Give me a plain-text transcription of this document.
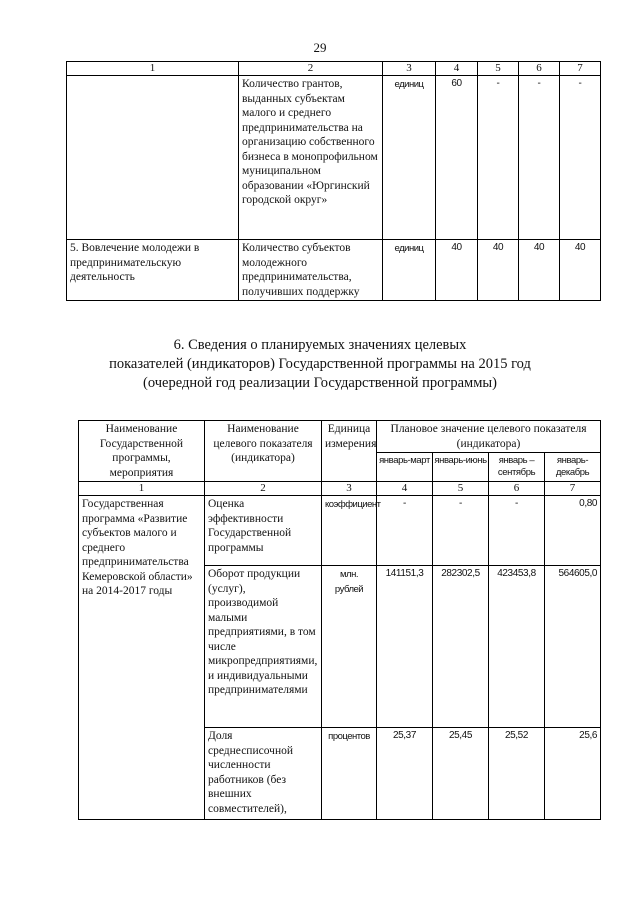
29
1	2	3	4	5	6	7
	Количество грантов, выданных субъектам малого и среднего предпринимательства на организацию собственного бизнеса в монопрофильном муниципальном образовании «Юргинский городской округ»	единиц	60	-	-	-
5. Вовлечение молодежи в предпринимательскую деятельность	Количество субъектов молодежного предпринимательства, получивших поддержку	единиц	40	40	40	40
6. Сведения о планируемых значениях целевых
показателей (индикаторов) Государственной программы на 2015 год
(очередной год реализации Государственной программы)
Наименование Государственной программы, мероприятия	Наименование целевого показателя (индикатора)	Единица измерения	Плановое значение целевого показателя (индикатора)			
			январь-март	январь-июнь	январь – сентябрь	январь-декабрь
1	2	3	4	5	6	7
Государственная программа «Развитие субъектов малого и среднего предпринимательства Кемеровской области» на 2014-2017 годы	Оценка эффективности Государственной программы	коэффициент	-	-	-	0,80
	Оборот продукции (услуг), производимой малыми предприятиями, в том числе микропредприятиями, и индивидуальными предпринимателями	млн. рублей	141151,3	282302,5	423453,8	564605,0
	Доля среднесписочной численности работников (без внешних совместителей),	процентов	25,37	25,45	25,52	25,6
